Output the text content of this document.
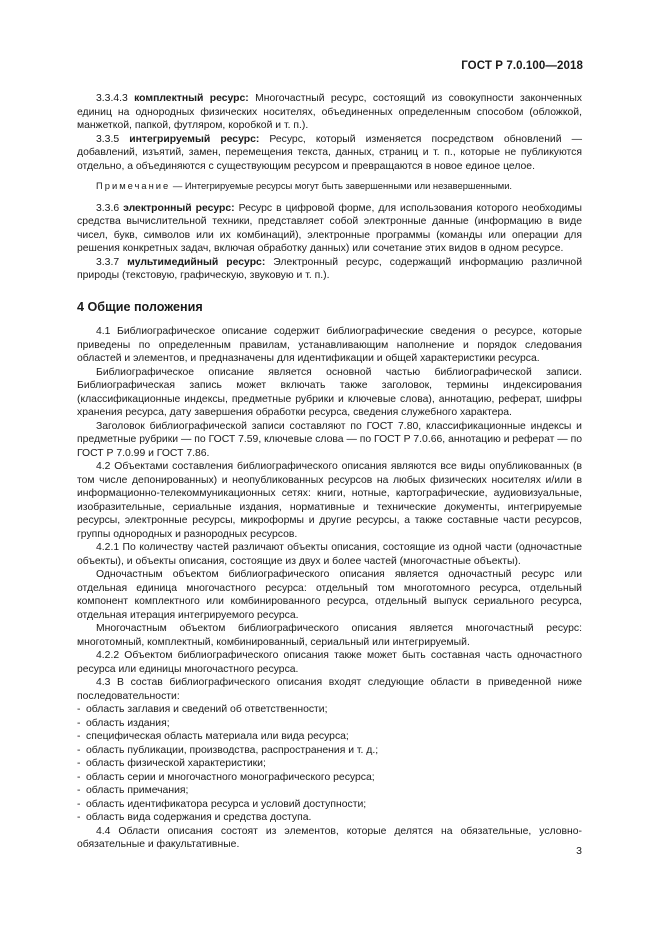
ГОСТ Р 7.0.100—2018

3.3.4.3 комплектный ресурс: Многочастный ресурс, состоящий из совокупности законченных единиц на однородных физических носителях, объединенных определенным способом (обложкой, манжеткой, папкой, футляром, коробкой и т. п.).

3.3.5 интегрируемый ресурс: Ресурс, который изменяется посредством обновлений — добавлений, изъятий, замен, перемещения текста, данных, страниц и т. п., которые не публикуются отдельно, а объединяются с существующим ресурсом и превращаются в новое единое целое.

Примечание — Интегрируемые ресурсы могут быть завершенными или незавершенными.

3.3.6 электронный ресурс: Ресурс в цифровой форме, для использования которого необходимы средства вычислительной техники, представляет собой электронные данные (информацию в виде чисел, букв, символов или их комбинаций), электронные программы (команды или операции для решения конкретных задач, включая обработку данных) или сочетание этих видов в одном ресурсе.

3.3.7 мультимедийный ресурс: Электронный ресурс, содержащий информацию различной природы (текстовую, графическую, звуковую и т. п.).

4 Общие положения

4.1 Библиографическое описание содержит библиографические сведения о ресурсе, которые приведены по определенным правилам, устанавливающим наполнение и порядок следования областей и элементов, и предназначены для идентификации и общей характеристики ресурса.

Библиографическое описание является основной частью библиографической записи. Библиографическая запись может включать также заголовок, термины индексирования (классификационные индексы, предметные рубрики и ключевые слова), аннотацию, реферат, шифры хранения ресурса, дату завершения обработки ресурса, сведения служебного характера.

Заголовок библиографической записи составляют по ГОСТ 7.80, классификационные индексы и предметные рубрики — по ГОСТ 7.59, ключевые слова — по ГОСТ Р 7.0.66, аннотацию и реферат — по ГОСТ Р 7.0.99 и ГОСТ 7.86.

4.2 Объектами составления библиографического описания являются все виды опубликованных (в том числе депонированных) и неопубликованных ресурсов на любых физических носителях и/или в информационно-телекоммуникационных сетях: книги, нотные, картографические, аудиовизуальные, изобразительные, сериальные издания, нормативные и технические документы, интегрируемые ресурсы, электронные ресурсы, микроформы и другие ресурсы, а также составные части ресурсов, группы однородных и разнородных ресурсов.

4.2.1 По количеству частей различают объекты описания, состоящие из одной части (одночастные объекты), и объекты описания, состоящие из двух и более частей (многочастные объекты).

Одночастным объектом библиографического описания является одночастный ресурс или отдельная единица многочастного ресурса: отдельный том многотомного ресурса, отдельный компонент комплектного или комбинированного ресурса, отдельный выпуск сериального ресурса, отдельная итерация интегрируемого ресурса.

Многочастным объектом библиографического описания является многочастный ресурс: многотомный, комплектный, комбинированный, сериальный или интегрируемый.

4.2.2 Объектом библиографического описания также может быть составная часть одночастного ресурса или единицы многочастного ресурса.

4.3 В состав библиографического описания входят следующие области в приведенной ниже последовательности:

- область заглавия и сведений об ответственности;
- область издания;
- специфическая область материала или вида ресурса;
- область публикации, производства, распространения и т. д.;
- область физической характеристики;
- область серии и многочастного монографического ресурса;
- область примечания;
- область идентификатора ресурса и условий доступности;
- область вида содержания и средства доступа.

4.4 Области описания состоят из элементов, которые делятся на обязательные, условно-обязательные и факультативные.

3
